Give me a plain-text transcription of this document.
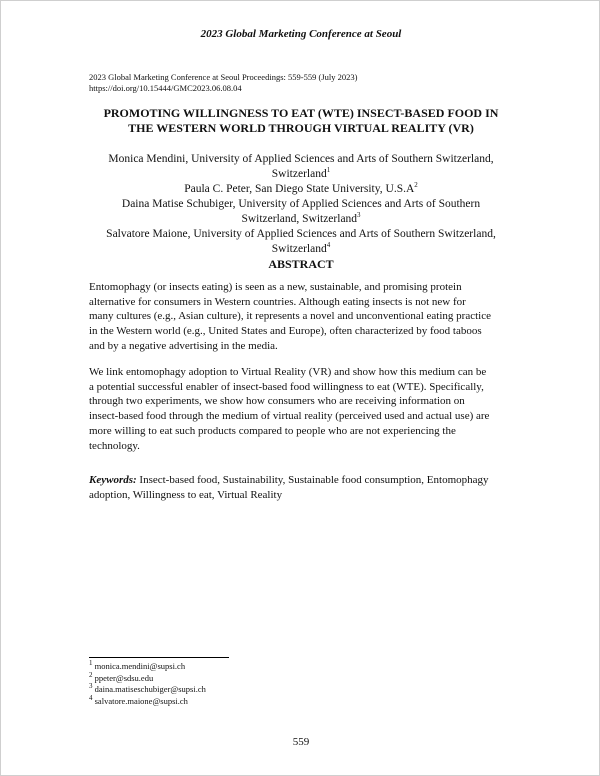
2023 Global Marketing Conference at Seoul
2023 Global Marketing Conference at Seoul Proceedings: 559-559 (July 2023)
https://doi.org/10.15444/GMC2023.06.08.04
PROMOTING WILLINGNESS TO EAT (WTE) INSECT-BASED FOOD IN
THE WESTERN WORLD THROUGH VIRTUAL REALITY (VR)
Monica Mendini, University of Applied Sciences and Arts of Southern Switzerland,
Switzerland$^1$
Paula C. Peter, San Diego State University, $U.S.A^2$
Daina Matise Schubiger, University of Applied Sciences and Arts of Southern
Switzerland, Switzerland$^3$
Salvatore Maione, University of Applied Sciences and Arts of Southern Switzerland,
Switzerland$^4$
ABSTRACT
Entomophagy (or insects eating) is seen as a new, sustainable, and promising protein
alternative for consumers in Western countries. Although eating insects is not new for
many cultures (e.g., Asian culture), it represents a novel and unconventional eating practice
in the Western world (e.g., United States and Europe), often characterized by food taboos
and by a negative advertising in the media.
We link entomophagy adoption to Virtual Reality (VR) and show how this medium can be
a potential successful enabler of insect-based food willingness to eat (WTE). Specifically,
through two experiments, we show how consumers who are receiving information on
insect-based food through the medium of virtual reality (perceived used and actual use) are
more willing to eat such products compared to people who are not experiencing the
technology.
Keywords: Insect-based food, Sustainability, Sustainable food consumption, Entomophagy
adoption, Willingness to eat, Virtual Reality
$^1$ monica.mendini@supsi.ch
$^2$ ppeter@sdsu.edu
$^3$ daina.matiseschubiger@supsi.ch
$^4$ salvatore.maione@supsi.ch
559
